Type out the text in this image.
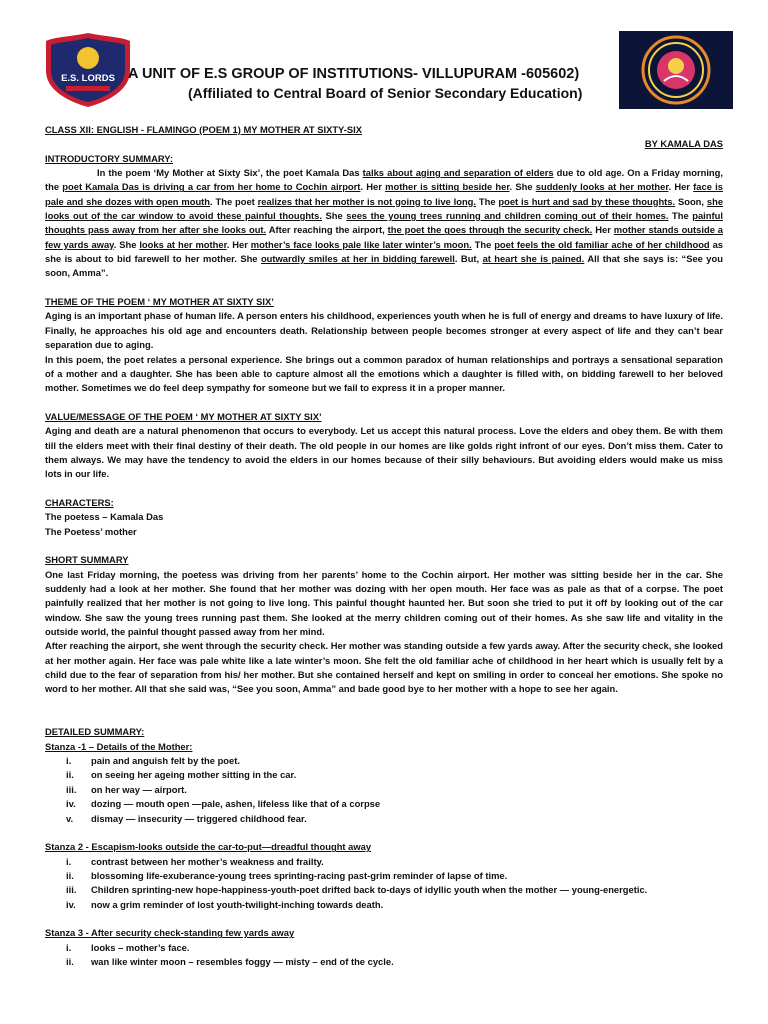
E.S. LORDS A UNIT OF E.S GROUP OF INSTITUTIONS- VILLUPURAM -605602)
(Affiliated to Central Board of Senior Secondary Education)

CLASS XII: ENGLISH - FLAMINGO (POEM 1) MY MOTHER AT SIXTY-SIX

BY KAMALA DAS

INTRODUCTORY SUMMARY:

In the poem ‘My Mother at Sixty Six’, the poet Kamala Das talks about aging and separation of elders due to old age. On a Friday morning, the poet Kamala Das is driving a car from her home to Cochin airport. Her mother is sitting beside her. She suddenly looks at her mother. Her face is pale and she dozes with open mouth. The poet realizes that her mother is not going to live long. The poet is hurt and sad by these thoughts. Soon, she looks out of the car window to avoid these painful thoughts. She sees the young trees running and children coming out of their homes. The painful thoughts pass away from her after she looks out. After reaching the airport, the poet the goes through the security check. Her mother stands outside a few yards away. She looks at her mother. Her mother’s face looks pale like later winter’s moon. The poet feels the old familiar ache of her childhood as she is about to bid farewell to her mother. She outwardly smiles at her in bidding farewell. But, at heart she is pained. All that she says is: “See you soon, Amma”.

THEME OF THE POEM ‘ MY MOTHER AT SIXTY SIX’

Aging is an important phase of human life. A person enters his childhood, experiences youth when he is full of energy and dreams to have luxury of life. Finally, he approaches his old age and encounters death. Relationship between people becomes stronger at every aspect of life and they can’t bear separation due to aging.

In this poem, the poet relates a personal experience. She brings out a common paradox of human relationships and portrays a sensational separation of a mother and a daughter. She has been able to capture almost all the emotions which a daughter is filled with, on bidding farewell to her beloved mother. Sometimes we do feel deep sympathy for someone but we fail to express it in a proper manner.

VALUE/MESSAGE OF THE POEM ‘ MY MOTHER AT SIXTY SIX’

Aging and death are a natural phenomenon that occurs to everybody. Let us accept this natural process. Love the elders and obey them. Be with them till the elders meet with their final destiny of their death. The old people in our homes are like golds right infront of our eyes. Don’t miss them. Cater to them always. We may have the tendency to avoid the elders in our homes because of their silly behaviours. But avoiding elders would make us miss lots in our life.

CHARACTERS:

The poetess – Kamala Das

The Poetess’ mother

SHORT SUMMARY

One last Friday morning, the poetess was driving from her parents’ home to the Cochin airport. Her mother was sitting beside her in the car. She suddenly had a look at her mother. She found that her mother was dozing with her open mouth. Her face was as pale as that of a corpse. The poet painfully realized that her mother is not going to live long. This painful thought haunted her. But soon she tried to put it off by looking out of the car window. She saw the young trees running past them. She looked at the merry children coming out of their homes. As she saw life and vitality in the outside world, the painful thought passed away from her mind.

After reaching the airport, she went through the security check. Her mother was standing outside a few yards away. After the security check, she looked at her mother again. Her face was pale white like a late winter’s moon. She felt the old familiar ache of childhood in her heart which is usually felt by a child due to the fear of separation from his/ her mother. But she contained herself and kept on smiling in order to conceal her emotions. She spoke no word to her mother. All that she said was, “See you soon, Amma” and bade good bye to her mother with a hope to see her again.

DETAILED SUMMARY:

Stanza -1 – Details of the Mother:

i.	pain and anguish felt by the poet.
ii.	on seeing her ageing mother sitting in the car.
iii.	on her way — airport.
iv.	dozing — mouth open —pale, ashen, lifeless like that of a corpse
v.	dismay — insecurity — triggered childhood fear.

Stanza 2 - Escapism-looks outside the car-to-put—dreadful thought away

i.	contrast between her mother’s weakness and frailty.
ii.	blossoming life-exuberance-young trees sprinting-racing past-grim reminder of lapse of time.
iii.	Children sprinting-new hope-happiness-youth-poet drifted back to-days of idyllic youth when the mother — young-energetic.
iv.	now a grim reminder of lost youth-twilight-inching towards death.

Stanza 3 - After security check-standing few yards away

i.	looks – mother’s face.
ii.	wan like winter moon – resembles foggy — misty – end of the cycle.
